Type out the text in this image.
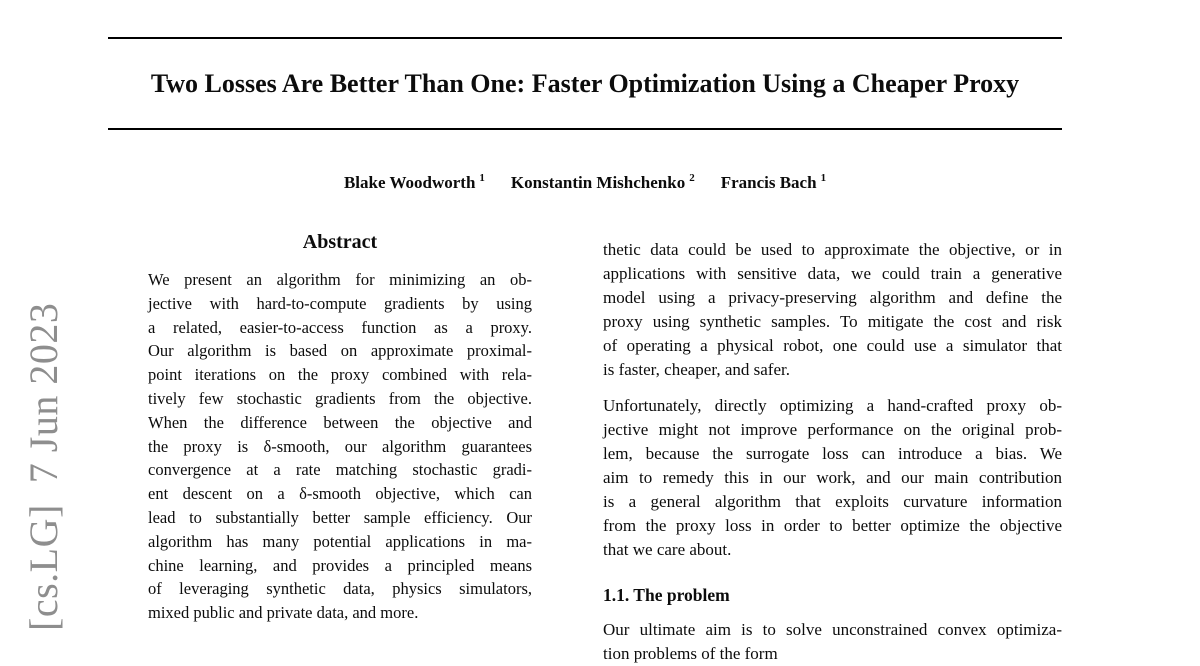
[cs.LG]  7 Jun 2023
Two Losses Are Better Than One: Faster Optimization Using a Cheaper Proxy
Blake Woodworth $^1$ Konstantin Mishchenko $^2$ Francis Bach $^1$
Abstract
We present an algorithm for minimizing an ob-
jective with hard-to-compute gradients by using
a related, easier-to-access function as a proxy.
Our algorithm is based on approximate proximal-
point iterations on the proxy combined with rela-
tively few stochastic gradients from the objective.
When the difference between the objective and
the proxy is δ-smooth, our algorithm guarantees
convergence at a rate matching stochastic gradi-
ent descent on a δ-smooth objective, which can
lead to substantially better sample efficiency. Our
algorithm has many potential applications in ma-
chine learning, and provides a principled means
of leveraging synthetic data, physics simulators,
mixed public and private data, and more.
thetic data could be used to approximate the objective, or in
applications with sensitive data, we could train a generative
model using a privacy-preserving algorithm and define the
proxy using synthetic samples. To mitigate the cost and risk
of operating a physical robot, one could use a simulator that
is faster, cheaper, and safer.
Unfortunately, directly optimizing a hand-crafted proxy ob-
jective might not improve performance on the original prob-
lem, because the surrogate loss can introduce a bias. We
aim to remedy this in our work, and our main contribution
is a general algorithm that exploits curvature information
from the proxy loss in order to better optimize the objective
that we care about.
1.1. The problem
Our ultimate aim is to solve unconstrained convex optimiza-
tion problems of the form
